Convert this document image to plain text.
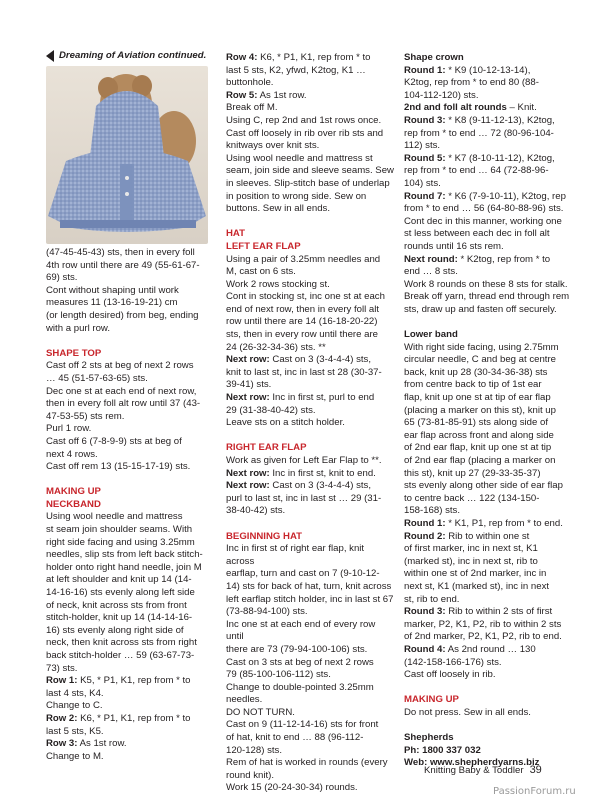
Dreaming of Aviation continued.

(47-45-45-43) sts, then in every foll

4th row until there are 49 (55-61-67-

69) sts.

Cont without shaping until work

measures 11 (13-16-19-21) cm

(or length desired) from beg, ending

with a purl row.

SHAPE TOP

Cast off 2 sts at beg of next 2 rows

… 45 (51-57-63-65) sts.

Dec one st at each end of next row,

then in every foll alt row until 37 (43-

47-53-55) sts rem.

Purl 1 row.

Cast off 6 (7-8-9-9) sts at beg of

next 4 rows.

Cast off rem 13 (15-15-17-19) sts.

MAKING UP

NECKBAND

Using wool needle and mattress

st seam join shoulder seams. With

right side facing and using 3.25mm

needles, slip sts from left back stitch-

holder onto right hand needle, join M

at left shoulder and knit up 14 (14-

14-16-16) sts evenly along left side

of neck, knit across sts from front

stitch-holder, knit up 14 (14-14-16-

16) sts evenly along right side of

neck, then knit across sts from right

back stitch-holder … 59 (63-67-73-

73) sts.

Row 1: K5, * P1, K1, rep from * to

last 4 sts, K4.

Change to C.

Row 2: K6, * P1, K1, rep from * to

last 5 sts, K5.

Row 3: As 1st row.

Change to M.

Row 4: K6, * P1, K1, rep from * to

last 5 sts, K2, yfwd, K2tog, K1 …

buttonhole.

Row 5: As 1st row.

Break off M.

Using C, rep 2nd and 1st rows once.

Cast off loosely in rib over rib sts and

knitways over knit sts.

Using wool needle and mattress st

seam, join side and sleeve seams. Sew

in sleeves. Slip-stitch base of underlap

in position to wrong side. Sew on

buttons. Sew in all ends.

HAT

LEFT EAR FLAP

Using a pair of 3.25mm needles and

M, cast on 6 sts.

Work 2 rows stocking st.

Cont in stocking st, inc one st at each

end of next row, then in every foll alt

row until there are 14 (16-18-20-22)

sts, then in every row until there are

24 (26-32-34-36) sts. **

Next row: Cast on 3 (3-4-4-4) sts,

knit to last st, inc in last st 28 (30-37-

39-41) sts.

Next row: Inc in first st, purl to end

29 (31-38-40-42) sts.

Leave sts on a stitch holder.

RIGHT EAR FLAP

Work as given for Left Ear Flap to **.

Next row: Inc in first st, knit to end.

Next row: Cast on 3 (3-4-4-4) sts,

purl to last st, inc in last st … 29 (31-

38-40-42) sts.

BEGINNING HAT

Inc in first st of right ear flap, knit across

earflap, turn and cast on 7 (9-10-12-

14) sts for back of hat, turn, knit across

left earflap stitch holder, inc in last st 67

(73-88-94-100) sts.

Inc one st at each end of every row until

there are 73 (79-94-100-106) sts.

Cast on 3 sts at beg of next 2 rows

79 (85-100-106-112) sts.

Change to double-pointed 3.25mm

needles.

DO NOT TURN.

Cast on 9 (11-12-14-16) sts for front

of hat, knit to end … 88 (96-112-

120-128) sts.

Rem of hat is worked in rounds (every

round knit).

Work 15 (20-24-30-34) rounds.

Shape crown

Round 1: * K9 (10-12-13-14),

K2tog, rep from * to end 80 (88-

104-112-120) sts.

2nd and foll alt rounds – Knit.

Round 3: * K8 (9-11-12-13), K2tog,

rep from * to end … 72 (80-96-104-

112) sts.

Round 5: * K7 (8-10-11-12), K2tog,

rep from * to end … 64 (72-88-96-

104) sts.

Round 7: * K6 (7-9-10-11), K2tog, rep

from * to end … 56 (64-80-88-96) sts.

Cont dec in this manner, working one

st less between each dec in foll alt

rounds until 16 sts rem.

Next round: * K2tog, rep from * to

end … 8 sts.

Work 8 rounds on these 8 sts for stalk.

Break off yarn, thread end through rem

sts, draw up and fasten off securely.

Lower band

With right side facing, using 2.75mm

circular needle, C and beg at centre

back, knit up 28 (30-34-36-38) sts

from centre back to tip of 1st ear

flap, knit up one st at tip of ear flap

(placing a marker on this st), knit up

65 (73-81-85-91) sts along side of

ear flap across front and along side

of 2nd ear flap, knit up one st at tip

of 2nd ear flap (placing a marker on

this st), knit up 27 (29-33-35-37)

sts evenly along other side of ear flap

to centre back … 122 (134-150-

158-168) sts.

Round 1: * K1, P1, rep from * to end.

Round 2: Rib to within one st

of first marker, inc in next st, K1

(marked st), inc in next st, rib to

within one st of 2nd marker, inc in

next st, K1 (marked st), inc in next

st, rib to end.

Round 3: Rib to within 2 sts of first

marker, P2, K1, P2, rib to within 2 sts

of 2nd marker, P2, K1, P2, rib to end.

Round 4: As 2nd round … 130

(142-158-166-176) sts.

Cast off loosely in rib.

MAKING UP

Do not press. Sew in all ends.

Shepherds

Ph: 1800 337 032

Web: www.shepherdyarns.biz

Knitting Baby & Toddler 39
PassionForum.ru
